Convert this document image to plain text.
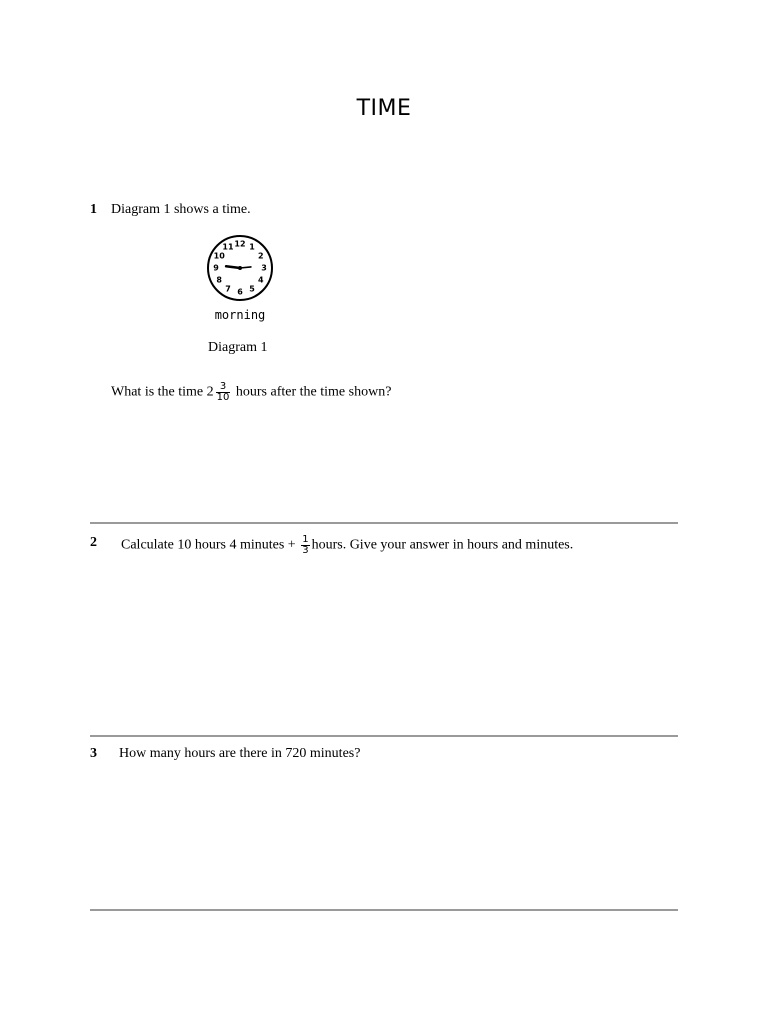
TIME
1 Diagram 1 shows a time.
12 1
2
3
4
5
6
7
8
9
10
11
morning
Diagram 1
What is the time $2 \frac{3}{10}$ hours after the time shown?
2 Calculate 10 hours 4 minutes + $\frac{1}{3}$ hours. Give your answer in hours and minutes.
3 How many hours are there in 720 minutes?
